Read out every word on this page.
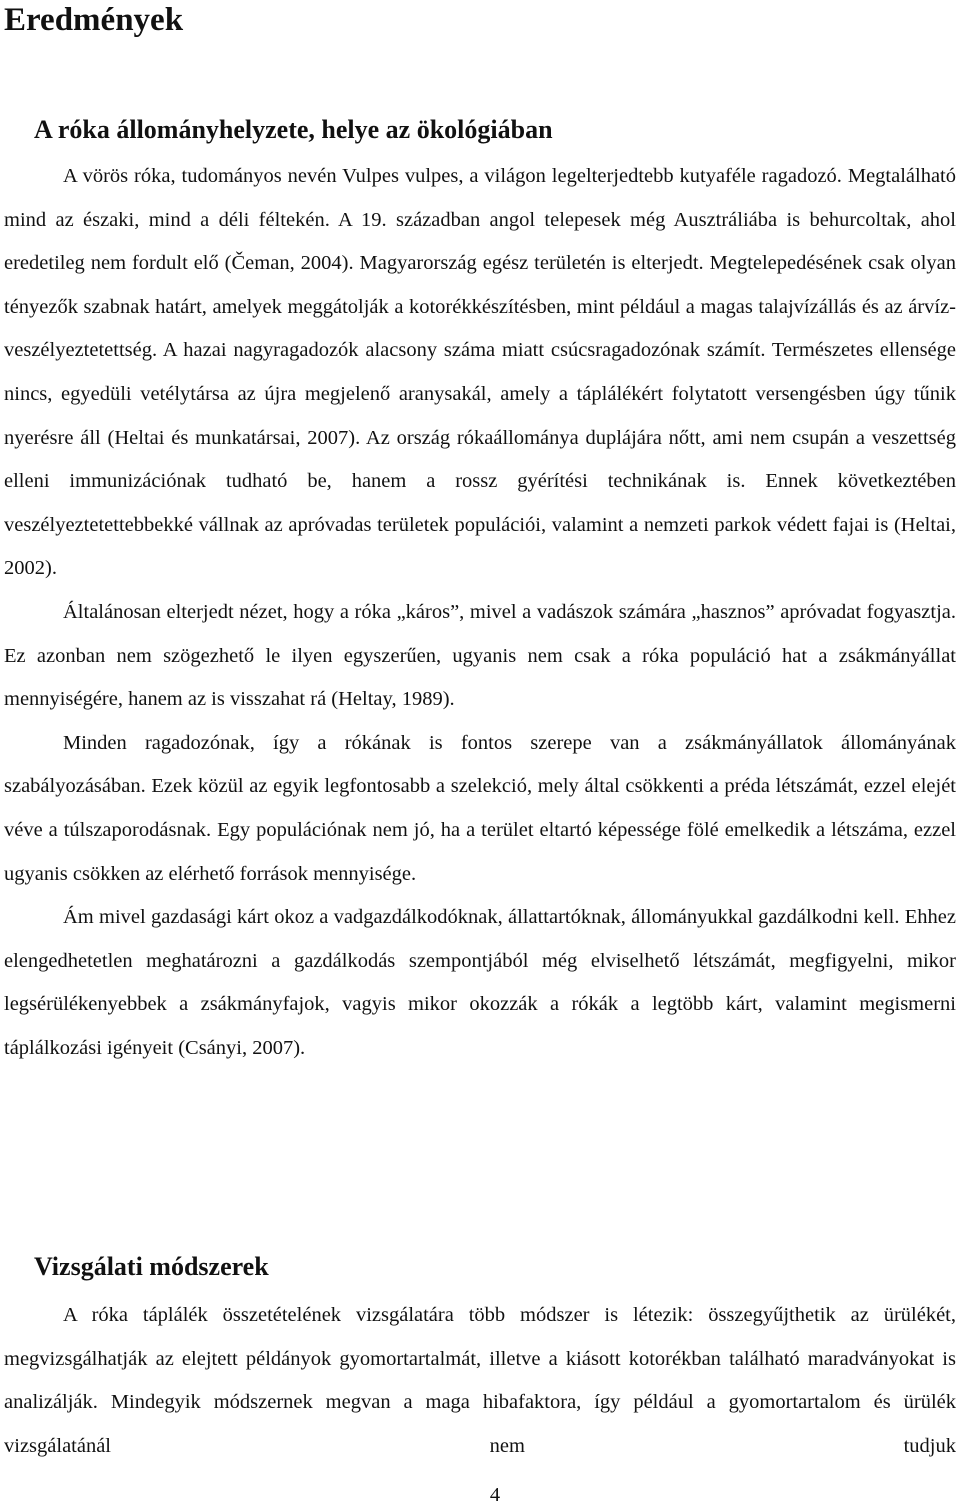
Eredmények
A róka állományhelyzete, helye az ökológiában

A vörös róka, tudományos nevén Vulpes vulpes, a világon legelterjedtebb kutyaféle ragadozó. Megtalálható mind az északi, mind a déli féltekén. A 19. században angol telepesek még Ausztráliába is behurcoltak, ahol eredetileg nem fordult elő (Čeman, 2004). Magyarország egész területén is elterjedt. Megtelepedésének csak olyan tényezők szabnak határt, amelyek meggátolják a kotorékkészítésben, mint például a magas talajvízállás és az árvíz-veszélyeztetettség. A hazai nagyragadozók alacsony száma miatt csúcsragadozónak számít. Természetes ellensége nincs, egyedüli vetélytársa az újra megjelenő aranysakál, amely a táplálékért folytatott versengésben úgy tűnik nyerésre áll (Heltai és munkatársai, 2007). Az ország rókaállománya duplájára nőtt, ami nem csupán a veszettség elleni immunizációnak tudható be, hanem a rossz gyérítési technikának is. Ennek következtében veszélyeztetettebbekké vállnak az apróvadas területek populációi, valamint a nemzeti parkok védett fajai is (Heltai, 2002).

Általánosan elterjedt nézet, hogy a róka „káros”, mivel a vadászok számára „hasznos” apróvadat fogyasztja. Ez azonban nem szögezhető le ilyen egyszerűen, ugyanis nem csak a róka populáció hat a zsákmányállat mennyiségére, hanem az is visszahat rá (Heltay, 1989).

Minden ragadozónak, így a rókának is fontos szerepe van a zsákmányállatok állományának szabályozásában. Ezek közül az egyik legfontosabb a szelekció, mely által csökkenti a préda létszámát, ezzel elejét véve a túlszaporodásnak. Egy populációnak nem jó, ha a terület eltartó képessége fölé emelkedik a létszáma, ezzel ugyanis csökken az elérhető források mennyisége.

Ám mivel gazdasági kárt okoz a vadgazdálkodóknak, állattartóknak, állományukkal gazdálkodni kell. Ehhez elengedhetetlen meghatározni a gazdálkodás szempontjából még elviselhető létszámát, megfigyelni, mikor legsérülékenyebbek a zsákmányfajok, vagyis mikor okozzák a rókák a legtöbb kárt, valamint megismerni táplálkozási igényeit (Csányi, 2007).

Vizsgálati módszerek

A róka táplálék összetételének vizsgálatára több módszer is létezik: összegyűjthetik az ürülékét, megvizsgálhatják az elejtett példányok gyomortartalmát, illetve a kiásott kotorékban található maradványokat is analizálják. Mindegyik módszernek megvan a maga hibafaktora, így például a gyomortartalom és ürülék vizsgálatánál nem tudjuk

4
